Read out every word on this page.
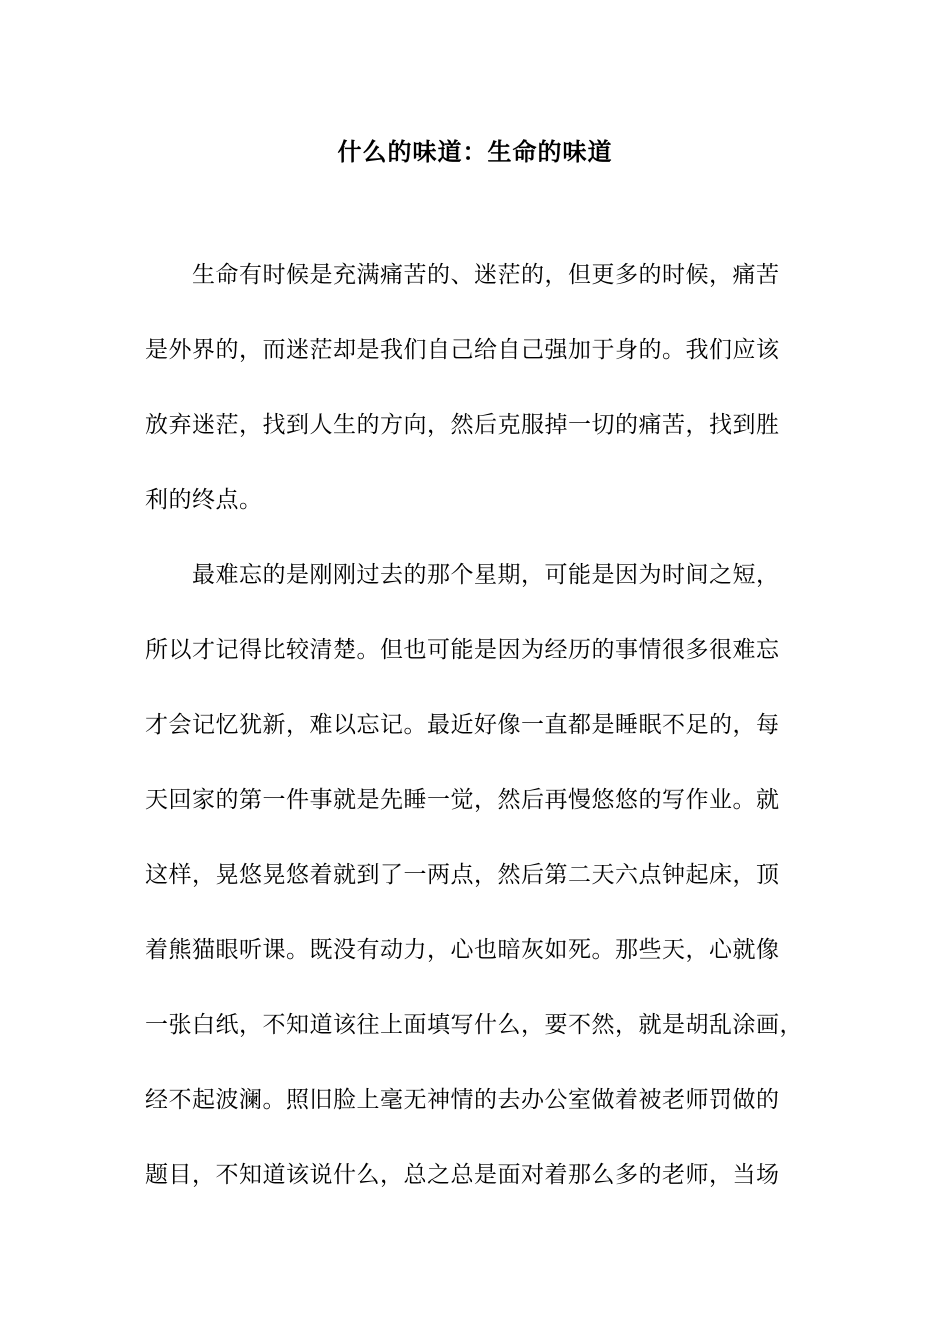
什么的味道：生命的味道
生命有时候是充满痛苦的、迷茫的，但更多的时候，痛苦
是外界的，而迷茫却是我们自己给自己强加于身的。我们应该
放弃迷茫，找到人生的方向，然后克服掉一切的痛苦，找到胜
利的终点。
最难忘的是刚刚过去的那个星期，可能是因为时间之短，
所以才记得比较清楚。但也可能是因为经历的事情很多很难忘
才会记忆犹新，难以忘记。最近好像一直都是睡眠不足的，每
天回家的第一件事就是先睡一觉，然后再慢悠悠的写作业。就
这样，晃悠晃悠着就到了一两点，然后第二天六点钟起床，顶
着熊猫眼听课。既没有动力，心也暗灰如死。那些天，心就像
一张白纸，不知道该往上面填写什么，要不然，就是胡乱涂画，
经不起波澜。照旧脸上毫无神情的去办公室做着被老师罚做的
题目，不知道该说什么，总之总是面对着那么多的老师，当场
